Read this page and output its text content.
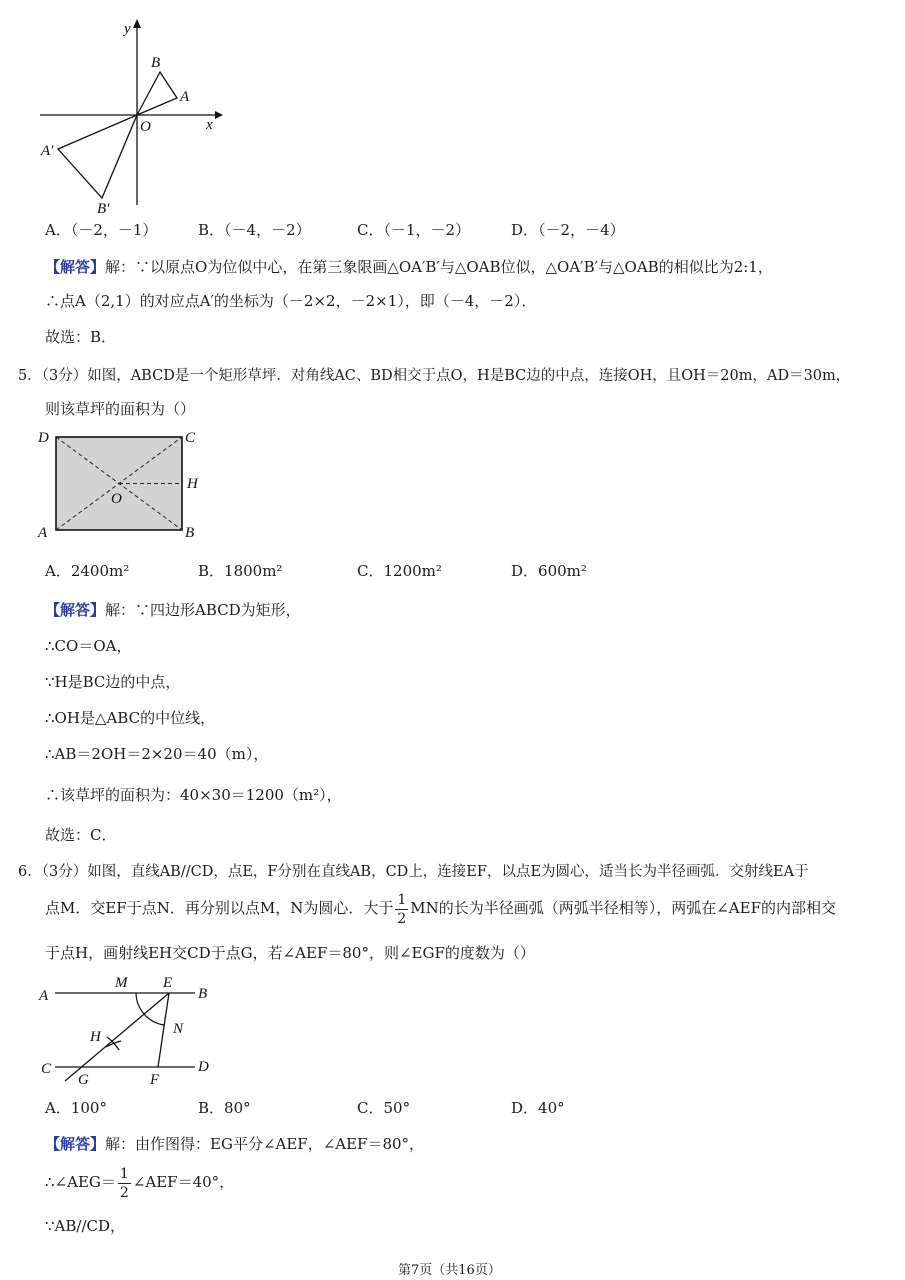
y
x
O
A
B
A′
B′
A．（－2，－1）	B．（－4，－2）	C．（－1，－2）	D．（－2，－4）
【解答】解：∵以原点O为位似中心，在第三象限画△OA′B′与△OAB位似，△OA′B′与△OAB的相似比为2:1，
∴点A（2,1）的对应点A′的坐标为（－2×2，－2×1），即（－4，－2）．
故选：B．
5．（3分）如图，ABCD是一个矩形草坪．对角线AC、BD相交于点O，H是BC边的中点，连接OH，且OH＝20m，AD＝30m，
则该草坪的面积为（）
D	C
H
O
A	B
A．2400m²	B．1800m²	C．1200m²	D．600m²
【解答】解：∵四边形ABCD为矩形，
∴CO＝OA，
∵H是BC边的中点，
∴OH是△ABC的中位线，
∴AB＝2OH＝2×20＝40（m），
∴该草坪的面积为：40×30＝1200（m²），
故选：C．
6．（3分）如图，直线AB//CD，点E，F分别在直线AB，CD上，连接EF，以点E为圆心，适当长为半径画弧．交射线EA于
点M．交EF于点N．再分别以点M，N为圆心．大于 $\frac{1}{2}$ MN的长为半径画弧（两弧半径相等），两弧在∠AEF的内部相交
于点H，画射线EH交CD于点G，若∠AEF＝80°，则∠EGF的度数为（）
A
M E
B
N
H
C
G	F
D
A．100°	B．80°	C．50°	D．40°
【解答】解：由作图得：EG平分∠AEF，∠AEF＝80°，
∴∠AEG＝ $\frac{1}{2}$ ∠AEF＝40°，
∵AB//CD，
第7页（共16页）
